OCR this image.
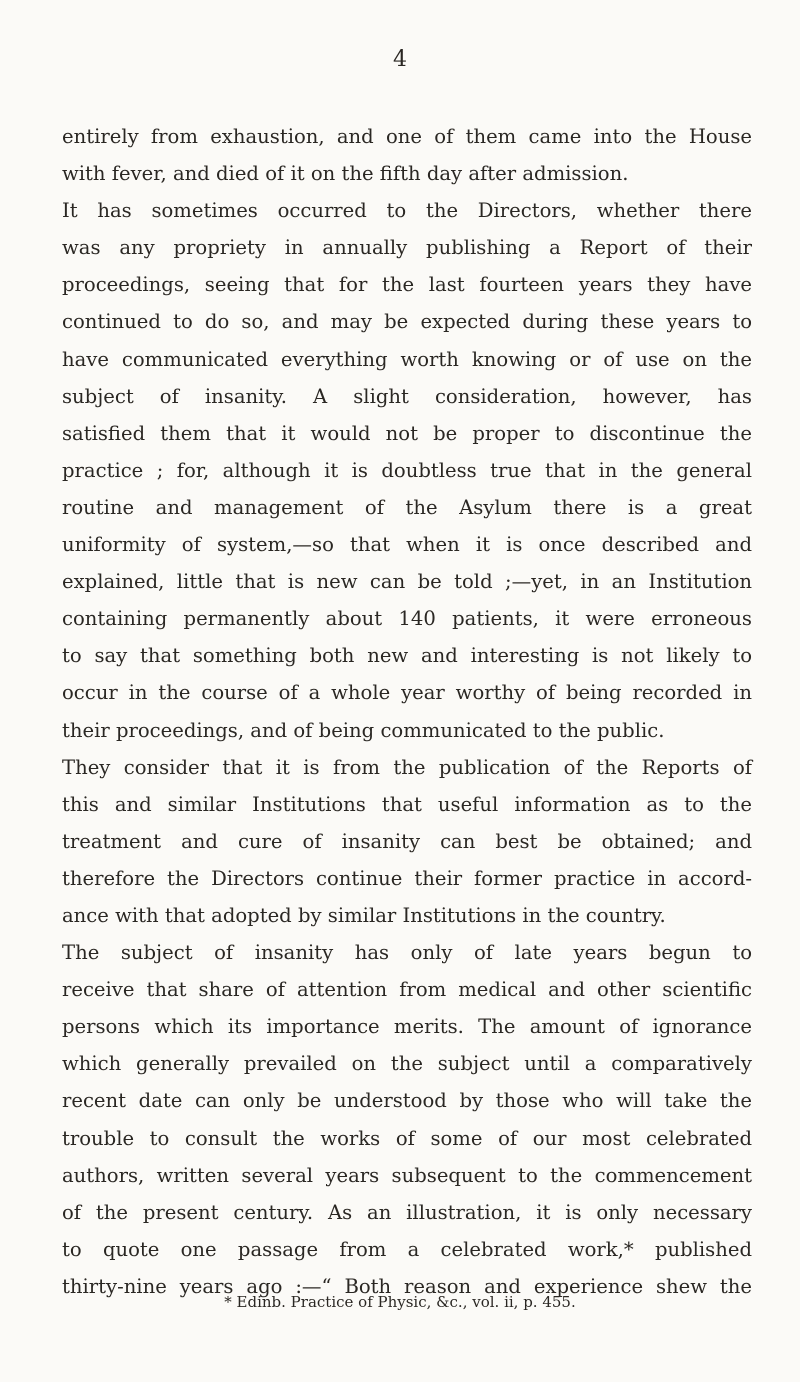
4
entirely from exhaustion, and one of them came into the House
with fever, and died of it on the fifth day after admission.
It has sometimes occurred to the Directors, whether there
was any propriety in annually publishing a Report of their
proceedings, seeing that for the last fourteen years they have
continued to do so, and may be expected during these years to
have communicated everything worth knowing or of use on the
subject of insanity. A slight consideration, however, has
satisfied them that it would not be proper to discontinue the
practice ; for, although it is doubtless true that in the general
routine and management of the Asylum there is a great
uniformity of system,—so that when it is once described and
explained, little that is new can be told ;—yet, in an Institution
containing permanently about 140 patients, it were erroneous
to say that something both new and interesting is not likely to
occur in the course of a whole year worthy of being recorded in
their proceedings, and of being communicated to the public.
They consider that it is from the publication of the Reports of
this and similar Institutions that useful information as to the
treatment and cure of insanity can best be obtained; and
therefore the Directors continue their former practice in accord-
ance with that adopted by similar Institutions in the country.
The subject of insanity has only of late years begun to
receive that share of attention from medical and other scientific
persons which its importance merits. The amount of ignorance
which generally prevailed on the subject until a comparatively
recent date can only be understood by those who will take the
trouble to consult the works of some of our most celebrated
authors, written several years subsequent to the commencement
of the present century. As an illustration, it is only necessary
to quote one passage from a celebrated work,* published
thirty-nine years ago :—“ Both reason and experience shew the
* Edinb. Practice of Physic, &c., vol. ii, p. 455.
